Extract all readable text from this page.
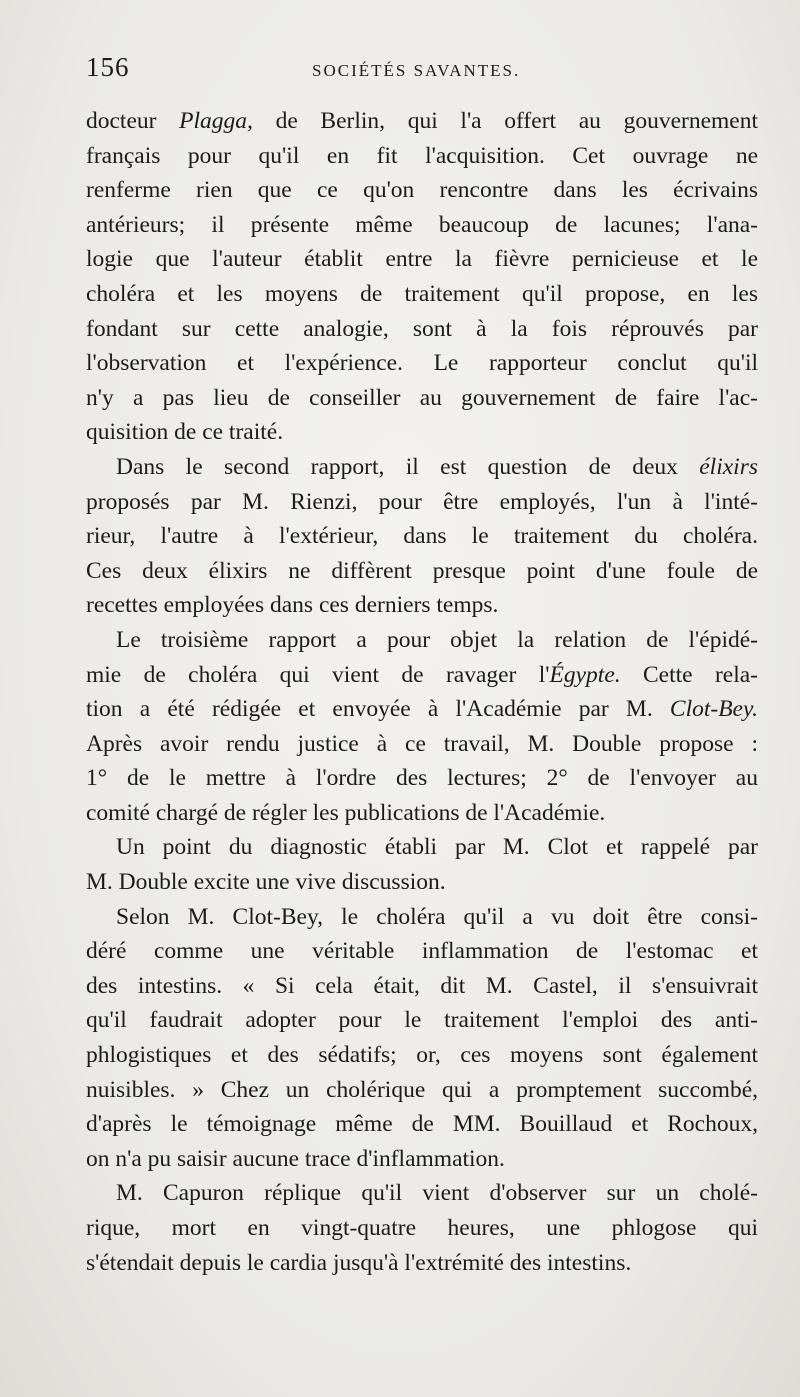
156	SOCIÉTÉS SAVANTES.
docteur Plagga, de Berlin, qui l'a offert au gouvernement
français pour qu'il en fit l'acquisition. Cet ouvrage ne
renferme rien que ce qu'on rencontre dans les écrivains
antérieurs; il présente même beaucoup de lacunes; l'ana-
logie que l'auteur établit entre la fièvre pernicieuse et le
choléra et les moyens de traitement qu'il propose, en les
fondant sur cette analogie, sont à la fois réprouvés par
l'observation et l'expérience. Le rapporteur conclut qu'il
n'y a pas lieu de conseiller au gouvernement de faire l'ac-
quisition de ce traité.
Dans le second rapport, il est question de deux élixirs
proposés par M. Rienzi, pour être employés, l'un à l'inté-
rieur, l'autre à l'extérieur, dans le traitement du choléra.
Ces deux élixirs ne diffèrent presque point d'une foule de
recettes employées dans ces derniers temps.
Le troisième rapport a pour objet la relation de l'épidé-
mie de choléra qui vient de ravager l'Égypte. Cette rela-
tion a été rédigée et envoyée à l'Académie par M. Clot-Bey.
Après avoir rendu justice à ce travail, M. Double propose :
1° de le mettre à l'ordre des lectures; 2° de l'envoyer au
comité chargé de régler les publications de l'Académie.
Un point du diagnostic établi par M. Clot et rappelé par
M. Double excite une vive discussion.
Selon M. Clot-Bey, le choléra qu'il a vu doit être consi-
déré comme une véritable inflammation de l'estomac et
des intestins. « Si cela était, dit M. Castel, il s'ensuivrait
qu'il faudrait adopter pour le traitement l'emploi des anti-
phlogistiques et des sédatifs; or, ces moyens sont également
nuisibles. » Chez un cholérique qui a promptement succombé,
d'après le témoignage même de MM. Bouillaud et Rochoux,
on n'a pu saisir aucune trace d'inflammation.
M. Capuron réplique qu'il vient d'observer sur un cholé-
rique, mort en vingt-quatre heures, une phlogose qui
s'étendait depuis le cardia jusqu'à l'extrémité des intestins.
